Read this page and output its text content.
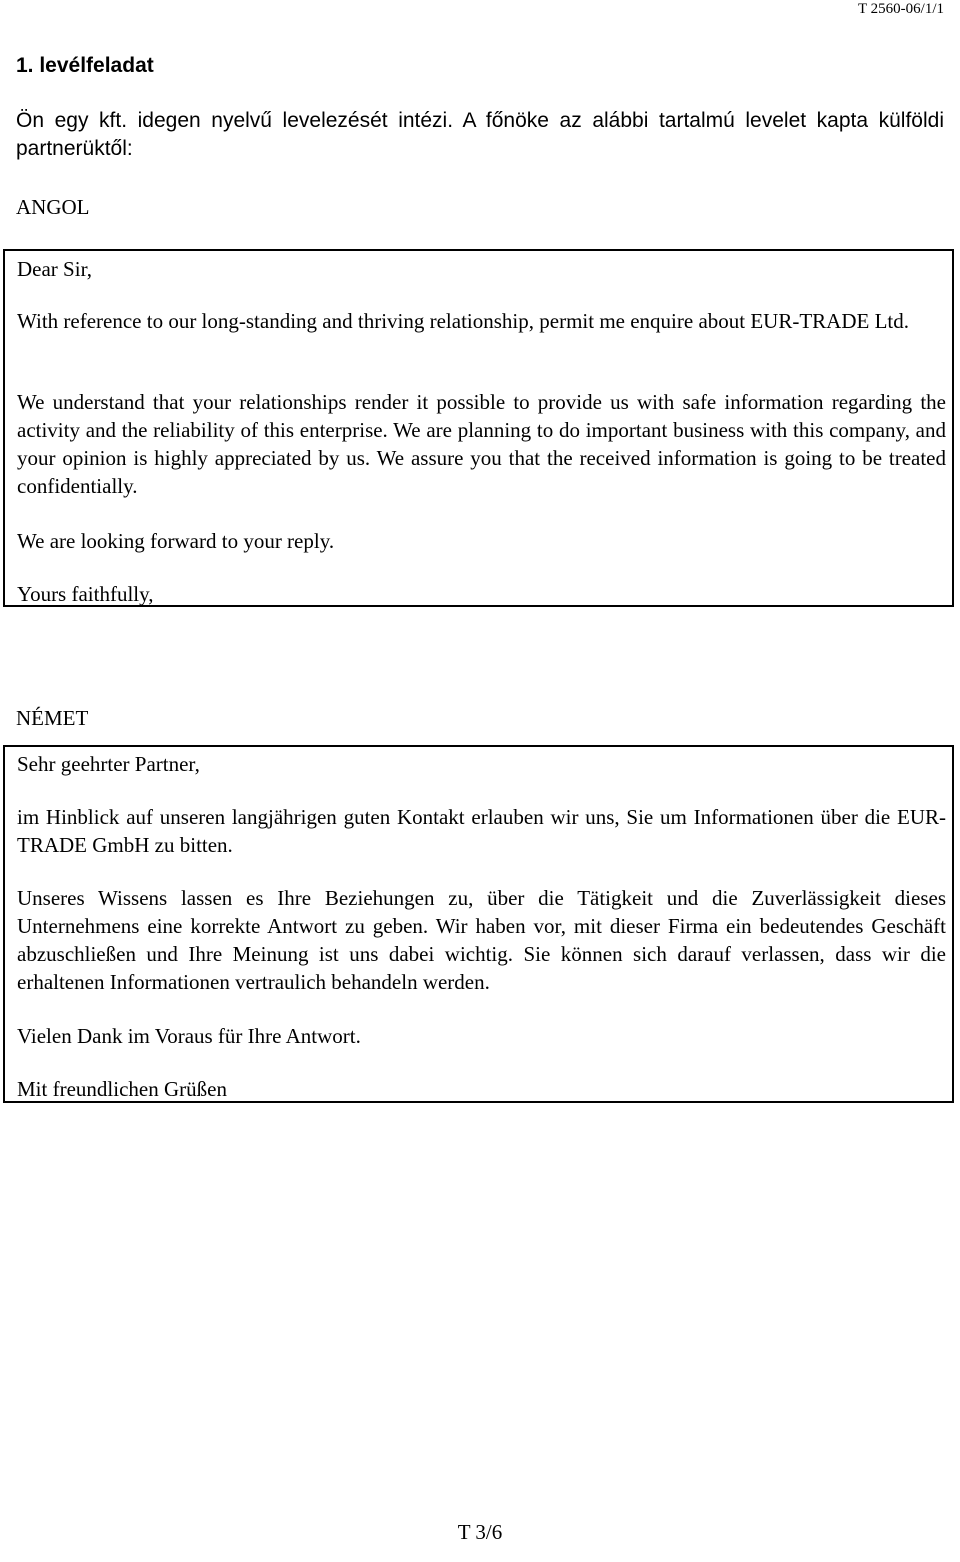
T 2560-06/1/1
1. levélfeladat
Ön egy kft. idegen nyelvű levelezését intézi. A főnöke az alábbi tartalmú levelet kapta külföldi partnerüktől:
ANGOL
Dear Sir,
With reference to our long-standing and thriving relationship, permit me enquire about EUR-TRADE Ltd.
We understand that your relationships render it possible to provide us with safe information regarding the activity and the reliability of this enterprise. We are planning to do important business with this company, and your opinion is highly appreciated by us. We assure you that the received information is going to be treated confidentially.
We are looking forward to your reply.
Yours faithfully,
NÉMET
Sehr geehrter Partner,
im Hinblick auf unseren langjährigen guten Kontakt erlauben wir uns, Sie um Informationen über die EUR-TRADE GmbH zu bitten.
Unseres Wissens lassen es Ihre Beziehungen zu, über die Tätigkeit und die Zuverlässigkeit dieses Unternehmens eine korrekte Antwort zu geben. Wir haben vor, mit dieser Firma ein bedeutendes Geschäft abzuschließen und Ihre Meinung ist uns dabei wichtig. Sie können sich darauf verlassen, dass wir die erhaltenen Informationen vertraulich behandeln werden.
Vielen Dank im Voraus für Ihre Antwort.
Mit freundlichen Grüßen
T 3/6
